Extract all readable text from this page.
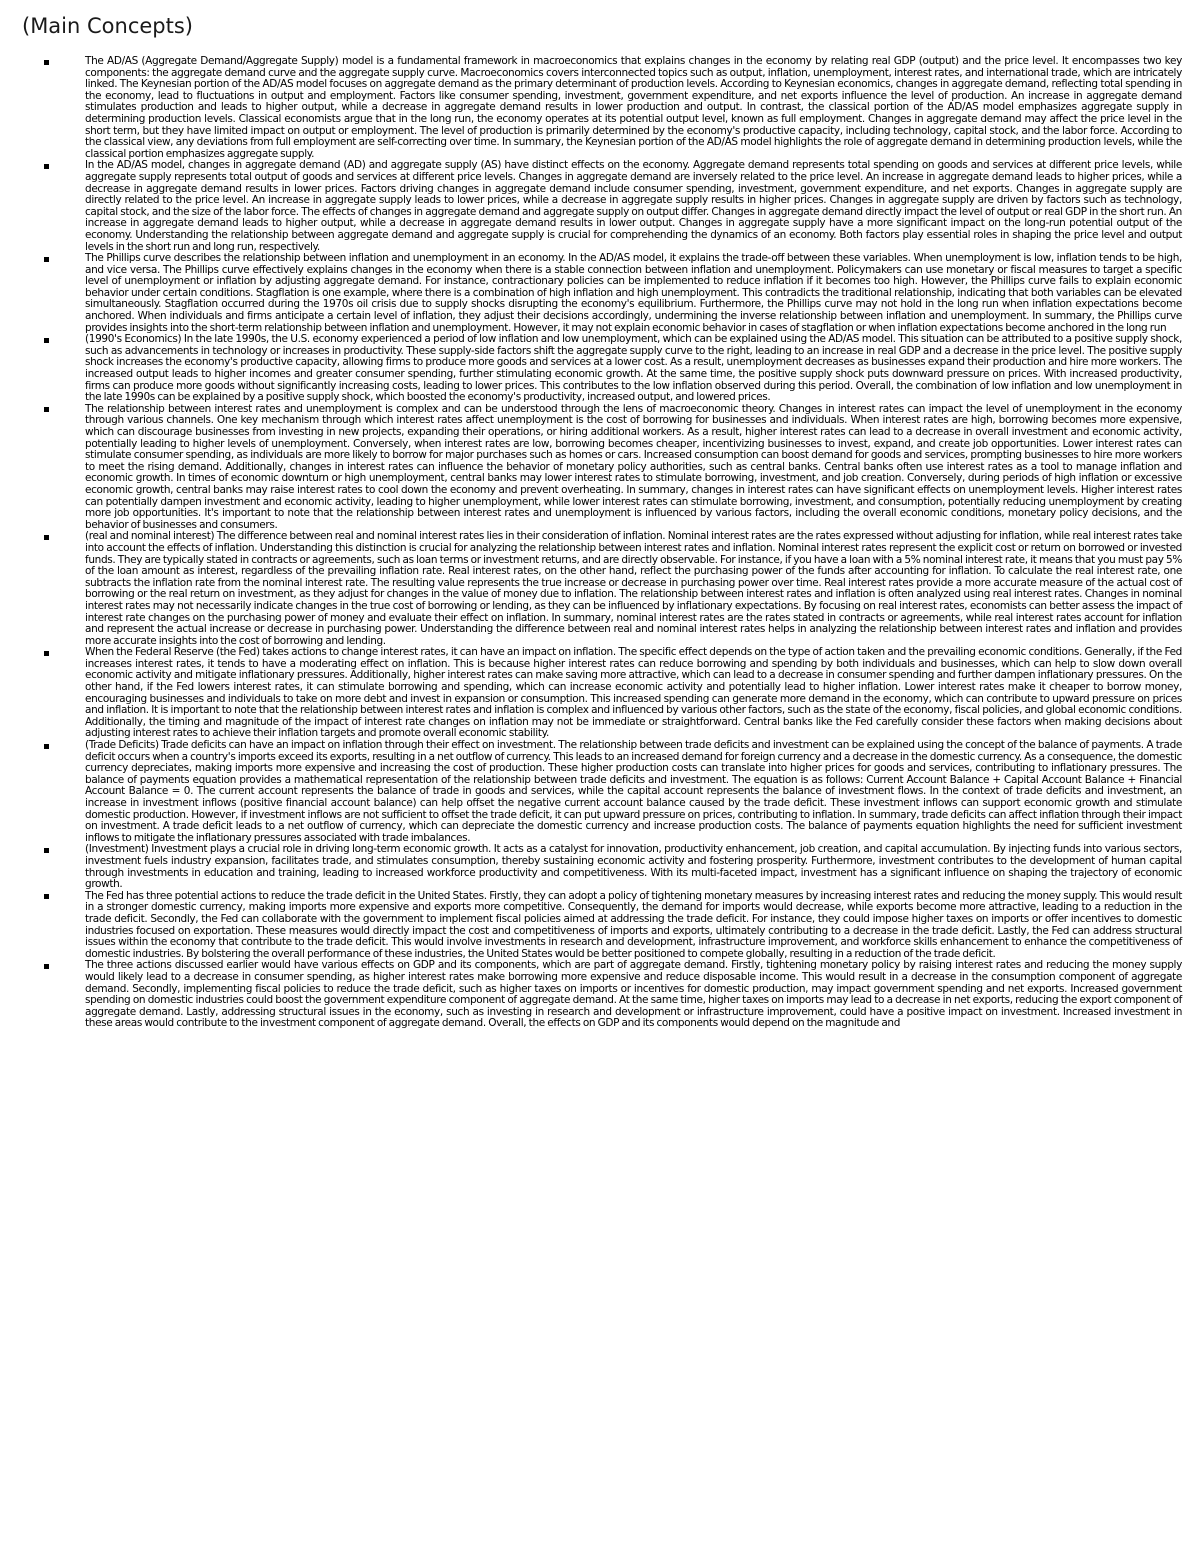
(Main Concepts)
The AD/AS (Aggregate Demand/Aggregate Supply) model is a fundamental framework in macroeconomics that explains changes in the economy by relating real GDP (output) and the price level. It encompasses two key components: the aggregate demand curve and the aggregate supply curve. Macroeconomics covers interconnected topics such as output, inflation, unemployment, interest rates, and international trade, which are intricately linked. The Keynesian portion of the AD/AS model focuses on aggregate demand as the primary determinant of production levels. According to Keynesian economics, changes in aggregate demand, reflecting total spending in the economy, lead to fluctuations in output and employment. Factors like consumer spending, investment, government expenditure, and net exports influence the level of production. An increase in aggregate demand stimulates production and leads to higher output, while a decrease in aggregate demand results in lower production and output. In contrast, the classical portion of the AD/AS model emphasizes aggregate supply in determining production levels. Classical economists argue that in the long run, the economy operates at its potential output level, known as full employment. Changes in aggregate demand may affect the price level in the short term, but they have limited impact on output or employment. The level of production is primarily determined by the economy's productive capacity, including technology, capital stock, and the labor force. According to the classical view, any deviations from full employment are self-correcting over time. In summary, the Keynesian portion of the AD/AS model highlights the role of aggregate demand in determining production levels, while the classical portion emphasizes aggregate supply.
In the AD/AS model, changes in aggregate demand (AD) and aggregate supply (AS) have distinct effects on the economy. Aggregate demand represents total spending on goods and services at different price levels, while aggregate supply represents total output of goods and services at different price levels. Changes in aggregate demand are inversely related to the price level. An increase in aggregate demand leads to higher prices, while a decrease in aggregate demand results in lower prices. Factors driving changes in aggregate demand include consumer spending, investment, government expenditure, and net exports. Changes in aggregate supply are directly related to the price level. An increase in aggregate supply leads to lower prices, while a decrease in aggregate supply results in higher prices. Changes in aggregate supply are driven by factors such as technology, capital stock, and the size of the labor force. The effects of changes in aggregate demand and aggregate supply on output differ. Changes in aggregate demand directly impact the level of output or real GDP in the short run. An increase in aggregate demand leads to higher output, while a decrease in aggregate demand results in lower output. Changes in aggregate supply have a more significant impact on the long-run potential output of the economy. Understanding the relationship between aggregate demand and aggregate supply is crucial for comprehending the dynamics of an economy. Both factors play essential roles in shaping the price level and output levels in the short run and long run, respectively.
The Phillips curve describes the relationship between inflation and unemployment in an economy. In the AD/AS model, it explains the trade-off between these variables. When unemployment is low, inflation tends to be high, and vice versa. The Phillips curve effectively explains changes in the economy when there is a stable connection between inflation and unemployment. Policymakers can use monetary or fiscal measures to target a specific level of unemployment or inflation by adjusting aggregate demand. For instance, contractionary policies can be implemented to reduce inflation if it becomes too high. However, the Phillips curve fails to explain economic behavior under certain conditions. Stagflation is one example, where there is a combination of high inflation and high unemployment. This contradicts the traditional relationship, indicating that both variables can be elevated simultaneously. Stagflation occurred during the 1970s oil crisis due to supply shocks disrupting the economy's equilibrium. Furthermore, the Phillips curve may not hold in the long run when inflation expectations become anchored. When individuals and firms anticipate a certain level of inflation, they adjust their decisions accordingly, undermining the inverse relationship between inflation and unemployment. In summary, the Phillips curve provides insights into the short-term relationship between inflation and unemployment. However, it may not explain economic behavior in cases of stagflation or when inflation expectations become anchored in the long run
(1990's Economics) In the late 1990s, the U.S. economy experienced a period of low inflation and low unemployment, which can be explained using the AD/AS model. This situation can be attributed to a positive supply shock, such as advancements in technology or increases in productivity. These supply-side factors shift the aggregate supply curve to the right, leading to an increase in real GDP and a decrease in the price level. The positive supply shock increases the economy's productive capacity, allowing firms to produce more goods and services at a lower cost. As a result, unemployment decreases as businesses expand their production and hire more workers. The increased output leads to higher incomes and greater consumer spending, further stimulating economic growth. At the same time, the positive supply shock puts downward pressure on prices. With increased productivity, firms can produce more goods without significantly increasing costs, leading to lower prices. This contributes to the low inflation observed during this period. Overall, the combination of low inflation and low unemployment in the late 1990s can be explained by a positive supply shock, which boosted the economy's productivity, increased output, and lowered prices.
The relationship between interest rates and unemployment is complex and can be understood through the lens of macroeconomic theory. Changes in interest rates can impact the level of unemployment in the economy through various channels. One key mechanism through which interest rates affect unemployment is the cost of borrowing for businesses and individuals. When interest rates are high, borrowing becomes more expensive, which can discourage businesses from investing in new projects, expanding their operations, or hiring additional workers. As a result, higher interest rates can lead to a decrease in overall investment and economic activity, potentially leading to higher levels of unemployment. Conversely, when interest rates are low, borrowing becomes cheaper, incentivizing businesses to invest, expand, and create job opportunities. Lower interest rates can stimulate consumer spending, as individuals are more likely to borrow for major purchases such as homes or cars. Increased consumption can boost demand for goods and services, prompting businesses to hire more workers to meet the rising demand. Additionally, changes in interest rates can influence the behavior of monetary policy authorities, such as central banks. Central banks often use interest rates as a tool to manage inflation and economic growth. In times of economic downturn or high unemployment, central banks may lower interest rates to stimulate borrowing, investment, and job creation. Conversely, during periods of high inflation or excessive economic growth, central banks may raise interest rates to cool down the economy and prevent overheating. In summary, changes in interest rates can have significant effects on unemployment levels. Higher interest rates can potentially dampen investment and economic activity, leading to higher unemployment, while lower interest rates can stimulate borrowing, investment, and consumption, potentially reducing unemployment by creating more job opportunities. It's important to note that the relationship between interest rates and unemployment is influenced by various factors, including the overall economic conditions, monetary policy decisions, and the behavior of businesses and consumers.
(real and nominal interest) The difference between real and nominal interest rates lies in their consideration of inflation. Nominal interest rates are the rates expressed without adjusting for inflation, while real interest rates take into account the effects of inflation. Understanding this distinction is crucial for analyzing the relationship between interest rates and inflation. Nominal interest rates represent the explicit cost or return on borrowed or invested funds. They are typically stated in contracts or agreements, such as loan terms or investment returns, and are directly observable. For instance, if you have a loan with a 5% nominal interest rate, it means that you must pay 5% of the loan amount as interest, regardless of the prevailing inflation rate. Real interest rates, on the other hand, reflect the purchasing power of the funds after accounting for inflation. To calculate the real interest rate, one subtracts the inflation rate from the nominal interest rate. The resulting value represents the true increase or decrease in purchasing power over time. Real interest rates provide a more accurate measure of the actual cost of borrowing or the real return on investment, as they adjust for changes in the value of money due to inflation. The relationship between interest rates and inflation is often analyzed using real interest rates. Changes in nominal interest rates may not necessarily indicate changes in the true cost of borrowing or lending, as they can be influenced by inflationary expectations. By focusing on real interest rates, economists can better assess the impact of interest rate changes on the purchasing power of money and evaluate their effect on inflation. In summary, nominal interest rates are the rates stated in contracts or agreements, while real interest rates account for inflation and represent the actual increase or decrease in purchasing power. Understanding the difference between real and nominal interest rates helps in analyzing the relationship between interest rates and inflation and provides more accurate insights into the cost of borrowing and lending.
When the Federal Reserve (the Fed) takes actions to change interest rates, it can have an impact on inflation. The specific effect depends on the type of action taken and the prevailing economic conditions. Generally, if the Fed increases interest rates, it tends to have a moderating effect on inflation. This is because higher interest rates can reduce borrowing and spending by both individuals and businesses, which can help to slow down overall economic activity and mitigate inflationary pressures. Additionally, higher interest rates can make saving more attractive, which can lead to a decrease in consumer spending and further dampen inflationary pressures. On the other hand, if the Fed lowers interest rates, it can stimulate borrowing and spending, which can increase economic activity and potentially lead to higher inflation. Lower interest rates make it cheaper to borrow money, encouraging businesses and individuals to take on more debt and invest in expansion or consumption. This increased spending can generate more demand in the economy, which can contribute to upward pressure on prices and inflation. It is important to note that the relationship between interest rates and inflation is complex and influenced by various other factors, such as the state of the economy, fiscal policies, and global economic conditions. Additionally, the timing and magnitude of the impact of interest rate changes on inflation may not be immediate or straightforward. Central banks like the Fed carefully consider these factors when making decisions about adjusting interest rates to achieve their inflation targets and promote overall economic stability.
(Trade Deficits) Trade deficits can have an impact on inflation through their effect on investment. The relationship between trade deficits and investment can be explained using the concept of the balance of payments. A trade deficit occurs when a country's imports exceed its exports, resulting in a net outflow of currency. This leads to an increased demand for foreign currency and a decrease in the domestic currency. As a consequence, the domestic currency depreciates, making imports more expensive and increasing the cost of production. These higher production costs can translate into higher prices for goods and services, contributing to inflationary pressures. The balance of payments equation provides a mathematical representation of the relationship between trade deficits and investment. The equation is as follows: Current Account Balance + Capital Account Balance + Financial Account Balance = 0. The current account represents the balance of trade in goods and services, while the capital account represents the balance of investment flows. In the context of trade deficits and investment, an increase in investment inflows (positive financial account balance) can help offset the negative current account balance caused by the trade deficit. These investment inflows can support economic growth and stimulate domestic production. However, if investment inflows are not sufficient to offset the trade deficit, it can put upward pressure on prices, contributing to inflation. In summary, trade deficits can affect inflation through their impact on investment. A trade deficit leads to a net outflow of currency, which can depreciate the domestic currency and increase production costs. The balance of payments equation highlights the need for sufficient investment inflows to mitigate the inflationary pressures associated with trade imbalances.
(Investment) Investment plays a crucial role in driving long-term economic growth. It acts as a catalyst for innovation, productivity enhancement, job creation, and capital accumulation. By injecting funds into various sectors, investment fuels industry expansion, facilitates trade, and stimulates consumption, thereby sustaining economic activity and fostering prosperity. Furthermore, investment contributes to the development of human capital through investments in education and training, leading to increased workforce productivity and competitiveness. With its multi-faceted impact, investment has a significant influence on shaping the trajectory of economic growth.
The Fed has three potential actions to reduce the trade deficit in the United States. Firstly, they can adopt a policy of tightening monetary measures by increasing interest rates and reducing the money supply. This would result in a stronger domestic currency, making imports more expensive and exports more competitive. Consequently, the demand for imports would decrease, while exports become more attractive, leading to a reduction in the trade deficit. Secondly, the Fed can collaborate with the government to implement fiscal policies aimed at addressing the trade deficit. For instance, they could impose higher taxes on imports or offer incentives to domestic industries focused on exportation. These measures would directly impact the cost and competitiveness of imports and exports, ultimately contributing to a decrease in the trade deficit. Lastly, the Fed can address structural issues within the economy that contribute to the trade deficit. This would involve investments in research and development, infrastructure improvement, and workforce skills enhancement to enhance the competitiveness of domestic industries. By bolstering the overall performance of these industries, the United States would be better positioned to compete globally, resulting in a reduction of the trade deficit.
The three actions discussed earlier would have various effects on GDP and its components, which are part of aggregate demand. Firstly, tightening monetary policy by raising interest rates and reducing the money supply would likely lead to a decrease in consumer spending, as higher interest rates make borrowing more expensive and reduce disposable income. This would result in a decrease in the consumption component of aggregate demand. Secondly, implementing fiscal policies to reduce the trade deficit, such as higher taxes on imports or incentives for domestic production, may impact government spending and net exports. Increased government spending on domestic industries could boost the government expenditure component of aggregate demand. At the same time, higher taxes on imports may lead to a decrease in net exports, reducing the export component of aggregate demand. Lastly, addressing structural issues in the economy, such as investing in research and development or infrastructure improvement, could have a positive impact on investment. Increased investment in these areas would contribute to the investment component of aggregate demand. Overall, the effects on GDP and its components would depend on the magnitude and
